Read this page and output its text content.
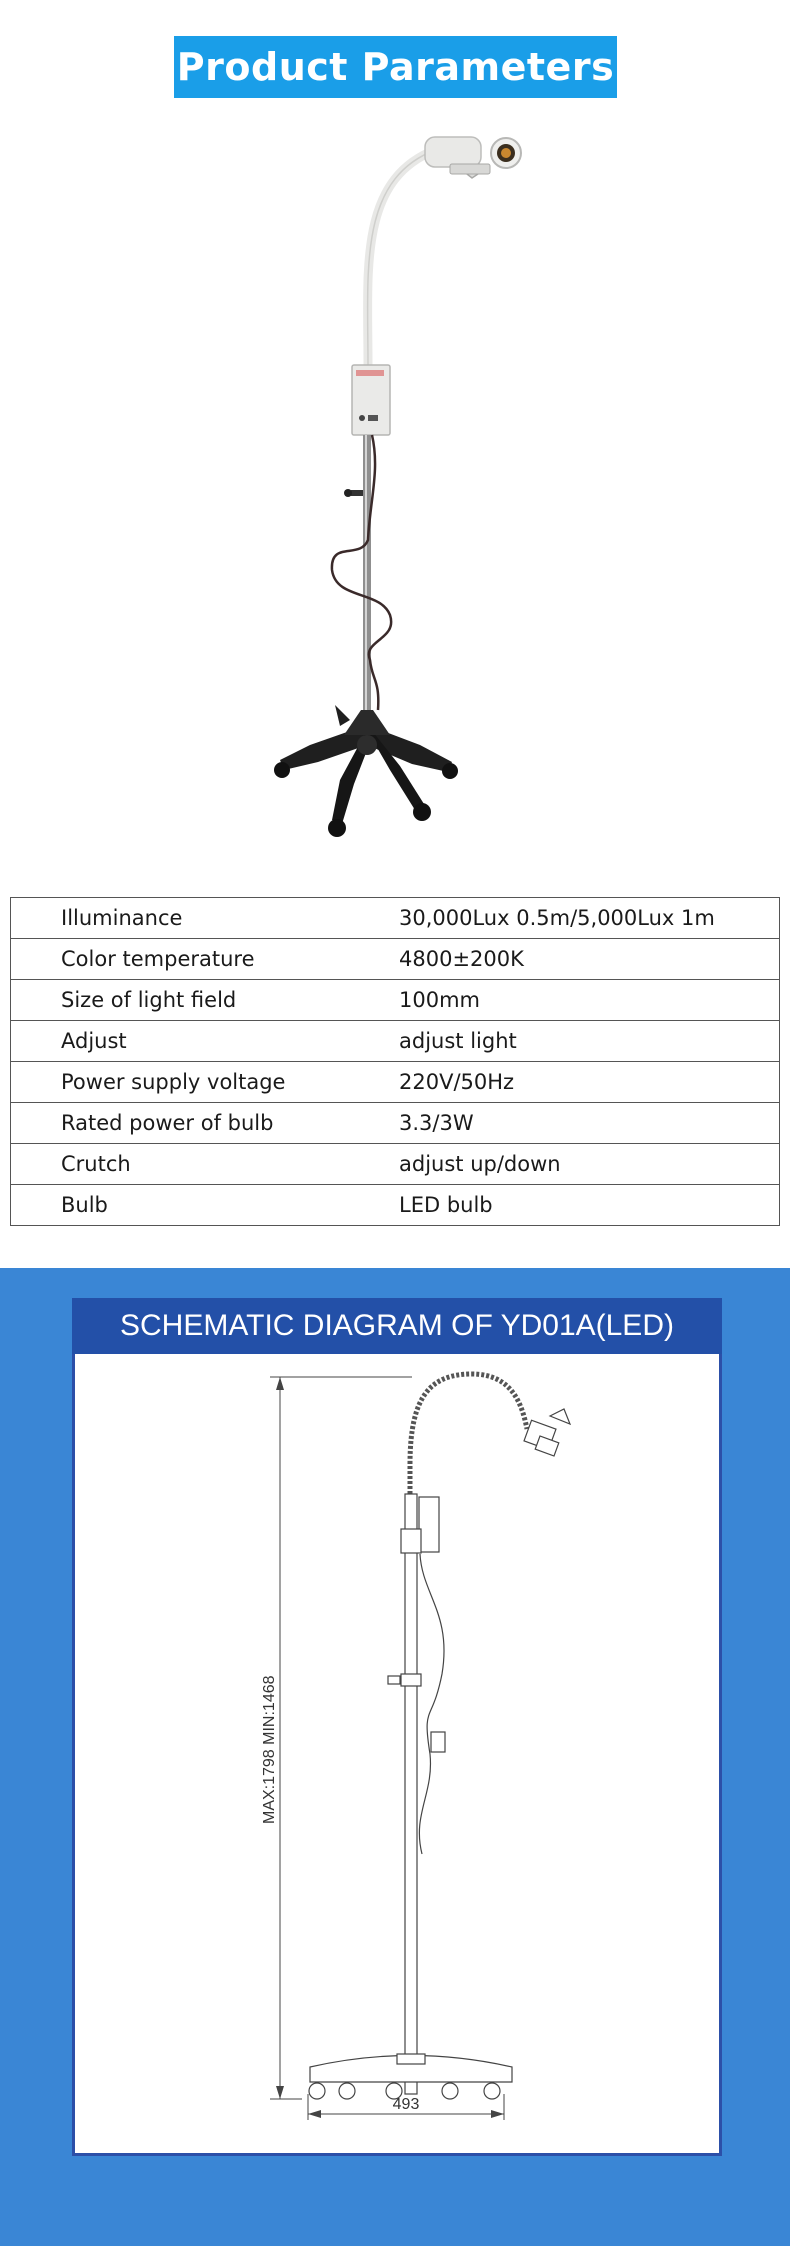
Product Parameters
Illuminance	30,000Lux 0.5m/5,000Lux 1m
Color temperature	4800±200K
Size of light field	100mm
Adjust	adjust light
Power supply voltage	220V/50Hz
Rated power of bulb	3.3/3W
Crutch	adjust up/down
Bulb	LED bulb
SCHEMATIC DIAGRAM OF YD01A(LED)
MAX:1798 MIN:1468
493
